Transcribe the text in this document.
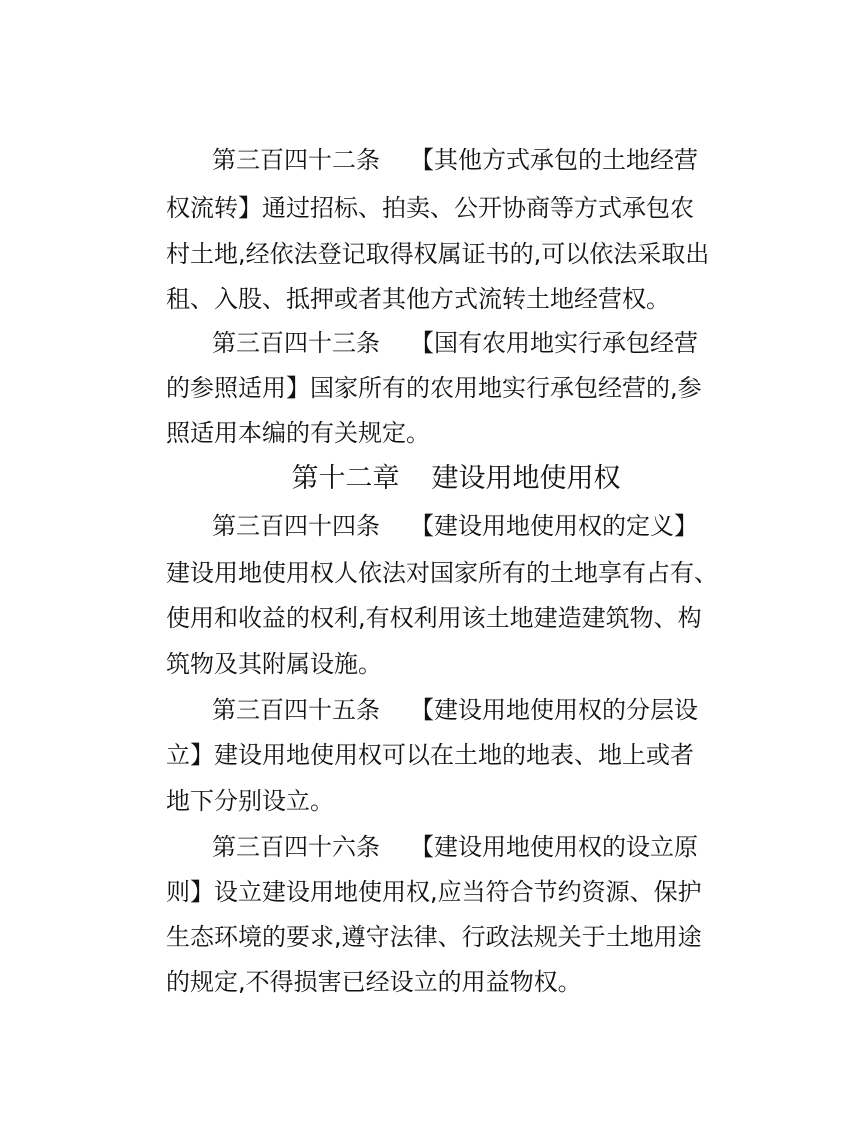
第三百四十二条 【其他方式承包的土地经营
权流转】通过招标、拍卖、公开协商等方式承包农
村土地,经依法登记取得权属证书的,可以依法采取出
租、入股、抵押或者其他方式流转土地经营权。
第三百四十三条 【国有农用地实行承包经营
的参照适用】国家所有的农用地实行承包经营的,参
照适用本编的有关规定。
第十二章 建设用地使用权
第三百四十四条 【建设用地使用权的定义】
建设用地使用权人依法对国家所有的土地享有占有、
使用和收益的权利,有权利用该土地建造建筑物、构
筑物及其附属设施。
第三百四十五条 【建设用地使用权的分层设
立】建设用地使用权可以在土地的地表、地上或者
地下分别设立。
第三百四十六条 【建设用地使用权的设立原
则】设立建设用地使用权,应当符合节约资源、保护
生态环境的要求,遵守法律、行政法规关于土地用途
的规定,不得损害已经设立的用益物权。
